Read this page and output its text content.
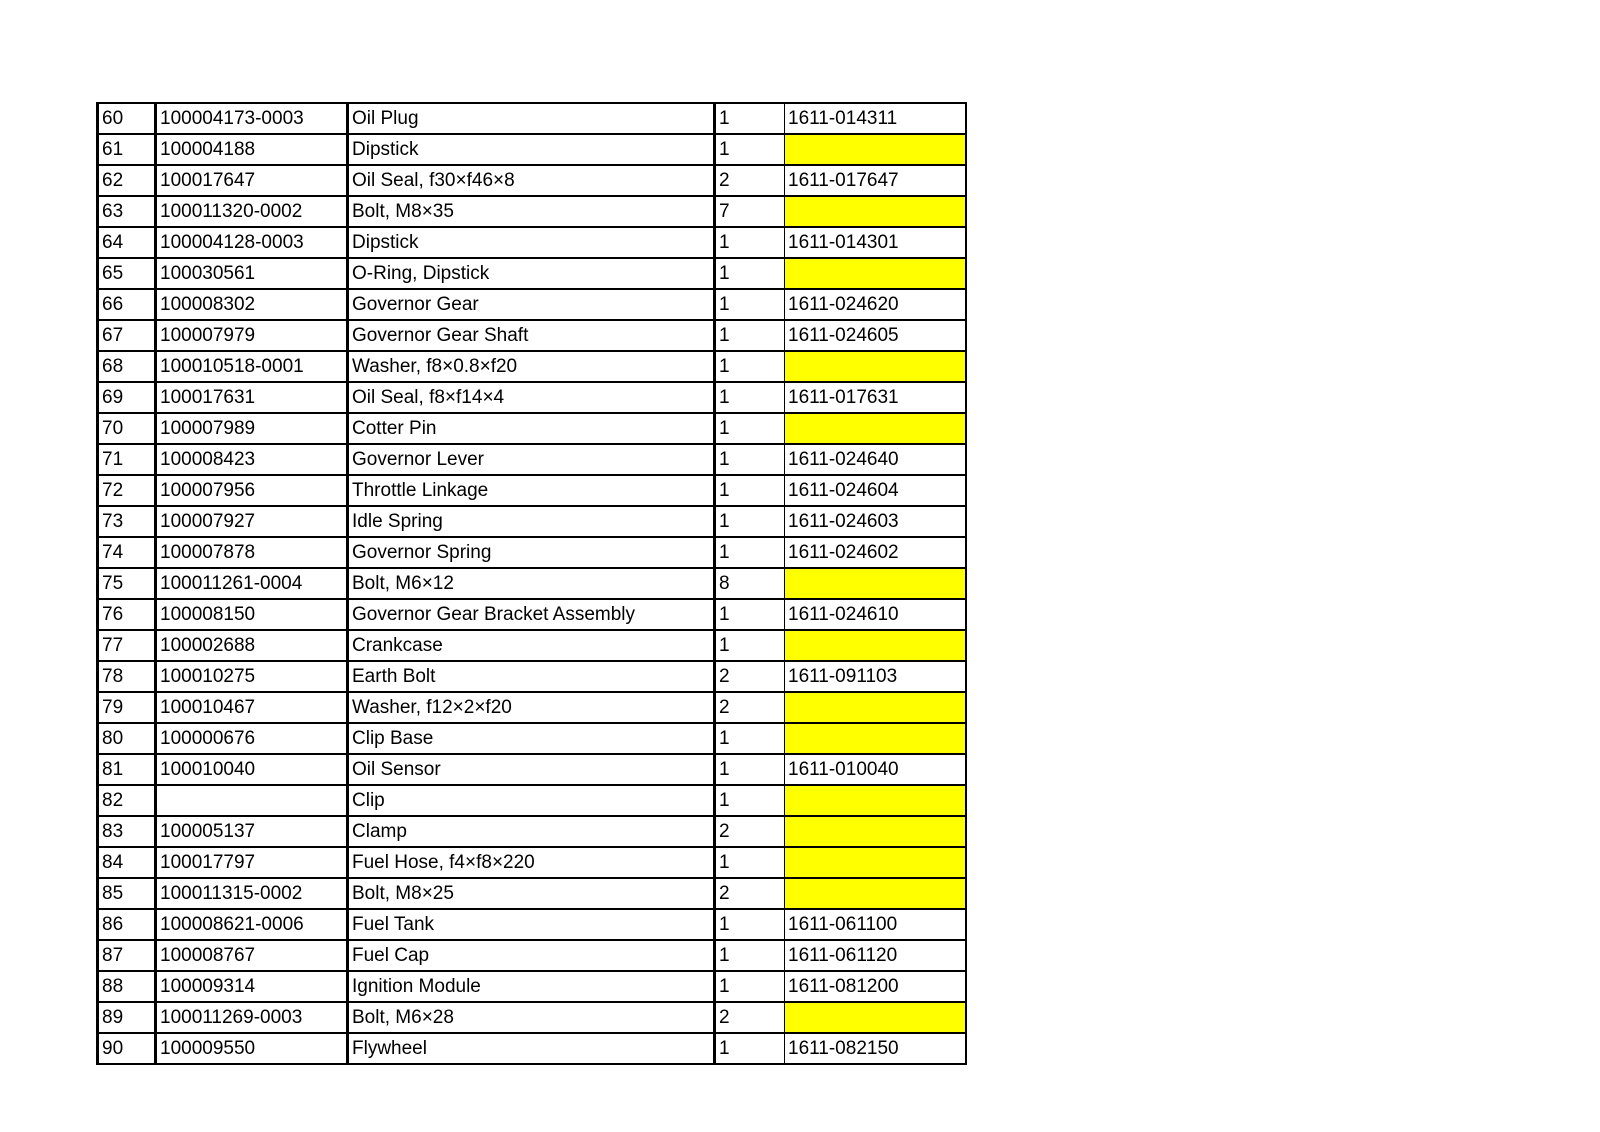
60	100004173-0003	Oil Plug	1	1611-014311
61	100004188	Dipstick	1	
62	100017647	Oil Seal, f30×f46×8	2	1611-017647
63	100011320-0002	Bolt, M8×35	7	
64	100004128-0003	Dipstick	1	1611-014301
65	100030561	O-Ring, Dipstick	1	
66	100008302	Governor Gear	1	1611-024620
67	100007979	Governor Gear Shaft	1	1611-024605
68	100010518-0001	Washer, f8×0.8×f20	1	
69	100017631	Oil Seal, f8×f14×4	1	1611-017631
70	100007989	Cotter Pin	1	
71	100008423	Governor Lever	1	1611-024640
72	100007956	Throttle Linkage	1	1611-024604
73	100007927	Idle Spring	1	1611-024603
74	100007878	Governor Spring	1	1611-024602
75	100011261-0004	Bolt, M6×12	8	
76	100008150	Governor Gear Bracket Assembly	1	1611-024610
77	100002688	Crankcase	1	
78	100010275	Earth Bolt	2	1611-091103
79	100010467	Washer, f12×2×f20	2	
80	100000676	Clip Base	1	
81	100010040	Oil Sensor	1	1611-010040
82		Clip	1	
83	100005137	Clamp	2	
84	100017797	Fuel Hose, f4×f8×220	1	
85	100011315-0002	Bolt, M8×25	2	
86	100008621-0006	Fuel Tank	1	1611-061100
87	100008767	Fuel Cap	1	1611-061120
88	100009314	Ignition Module	1	1611-081200
89	100011269-0003	Bolt, M6×28	2	
90	100009550	Flywheel	1	1611-082150
